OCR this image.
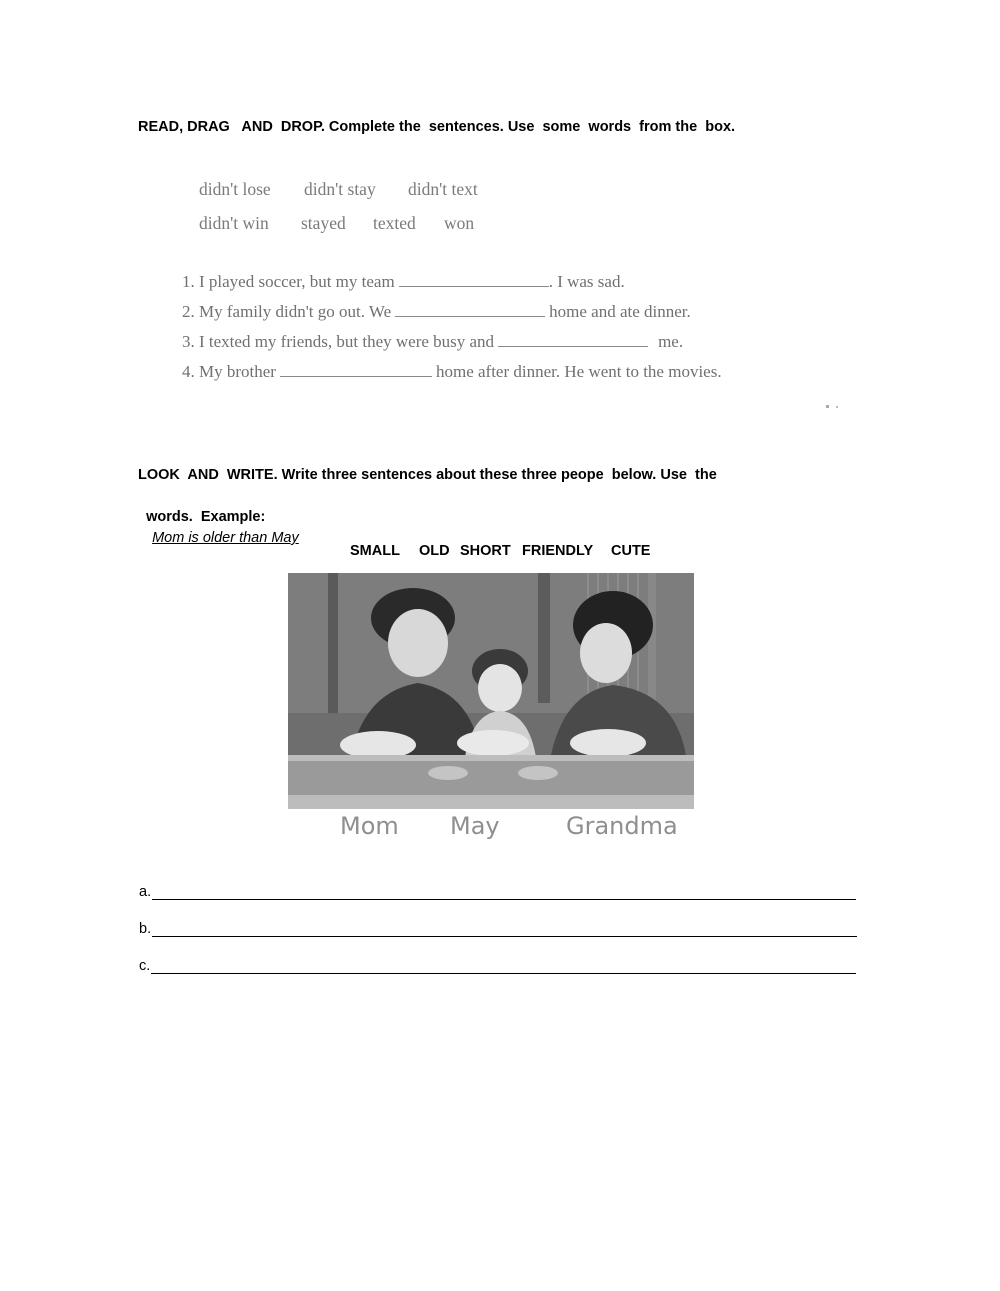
READ, DRAG   AND  DROP. Complete the  sentences. Use  some  words  from the  box.
didn't lose didn't stay didn't text
didn't win stayed texted won
1. I played soccer, but my team	. I was sad.
2. My family didn't go out. We	home and ate dinner.
3. I texted my friends, but they were busy and	me.
4. My brother	home after dinner. He went to the movies.
LOOK  AND  WRITE. Write three sentences about these three peope  below. Use  the

words.  Example:
Mom is older than May

SMALL OLD SHORT FRIENDLY CUTE
Mom May	Grandma
a.
b.
c.
